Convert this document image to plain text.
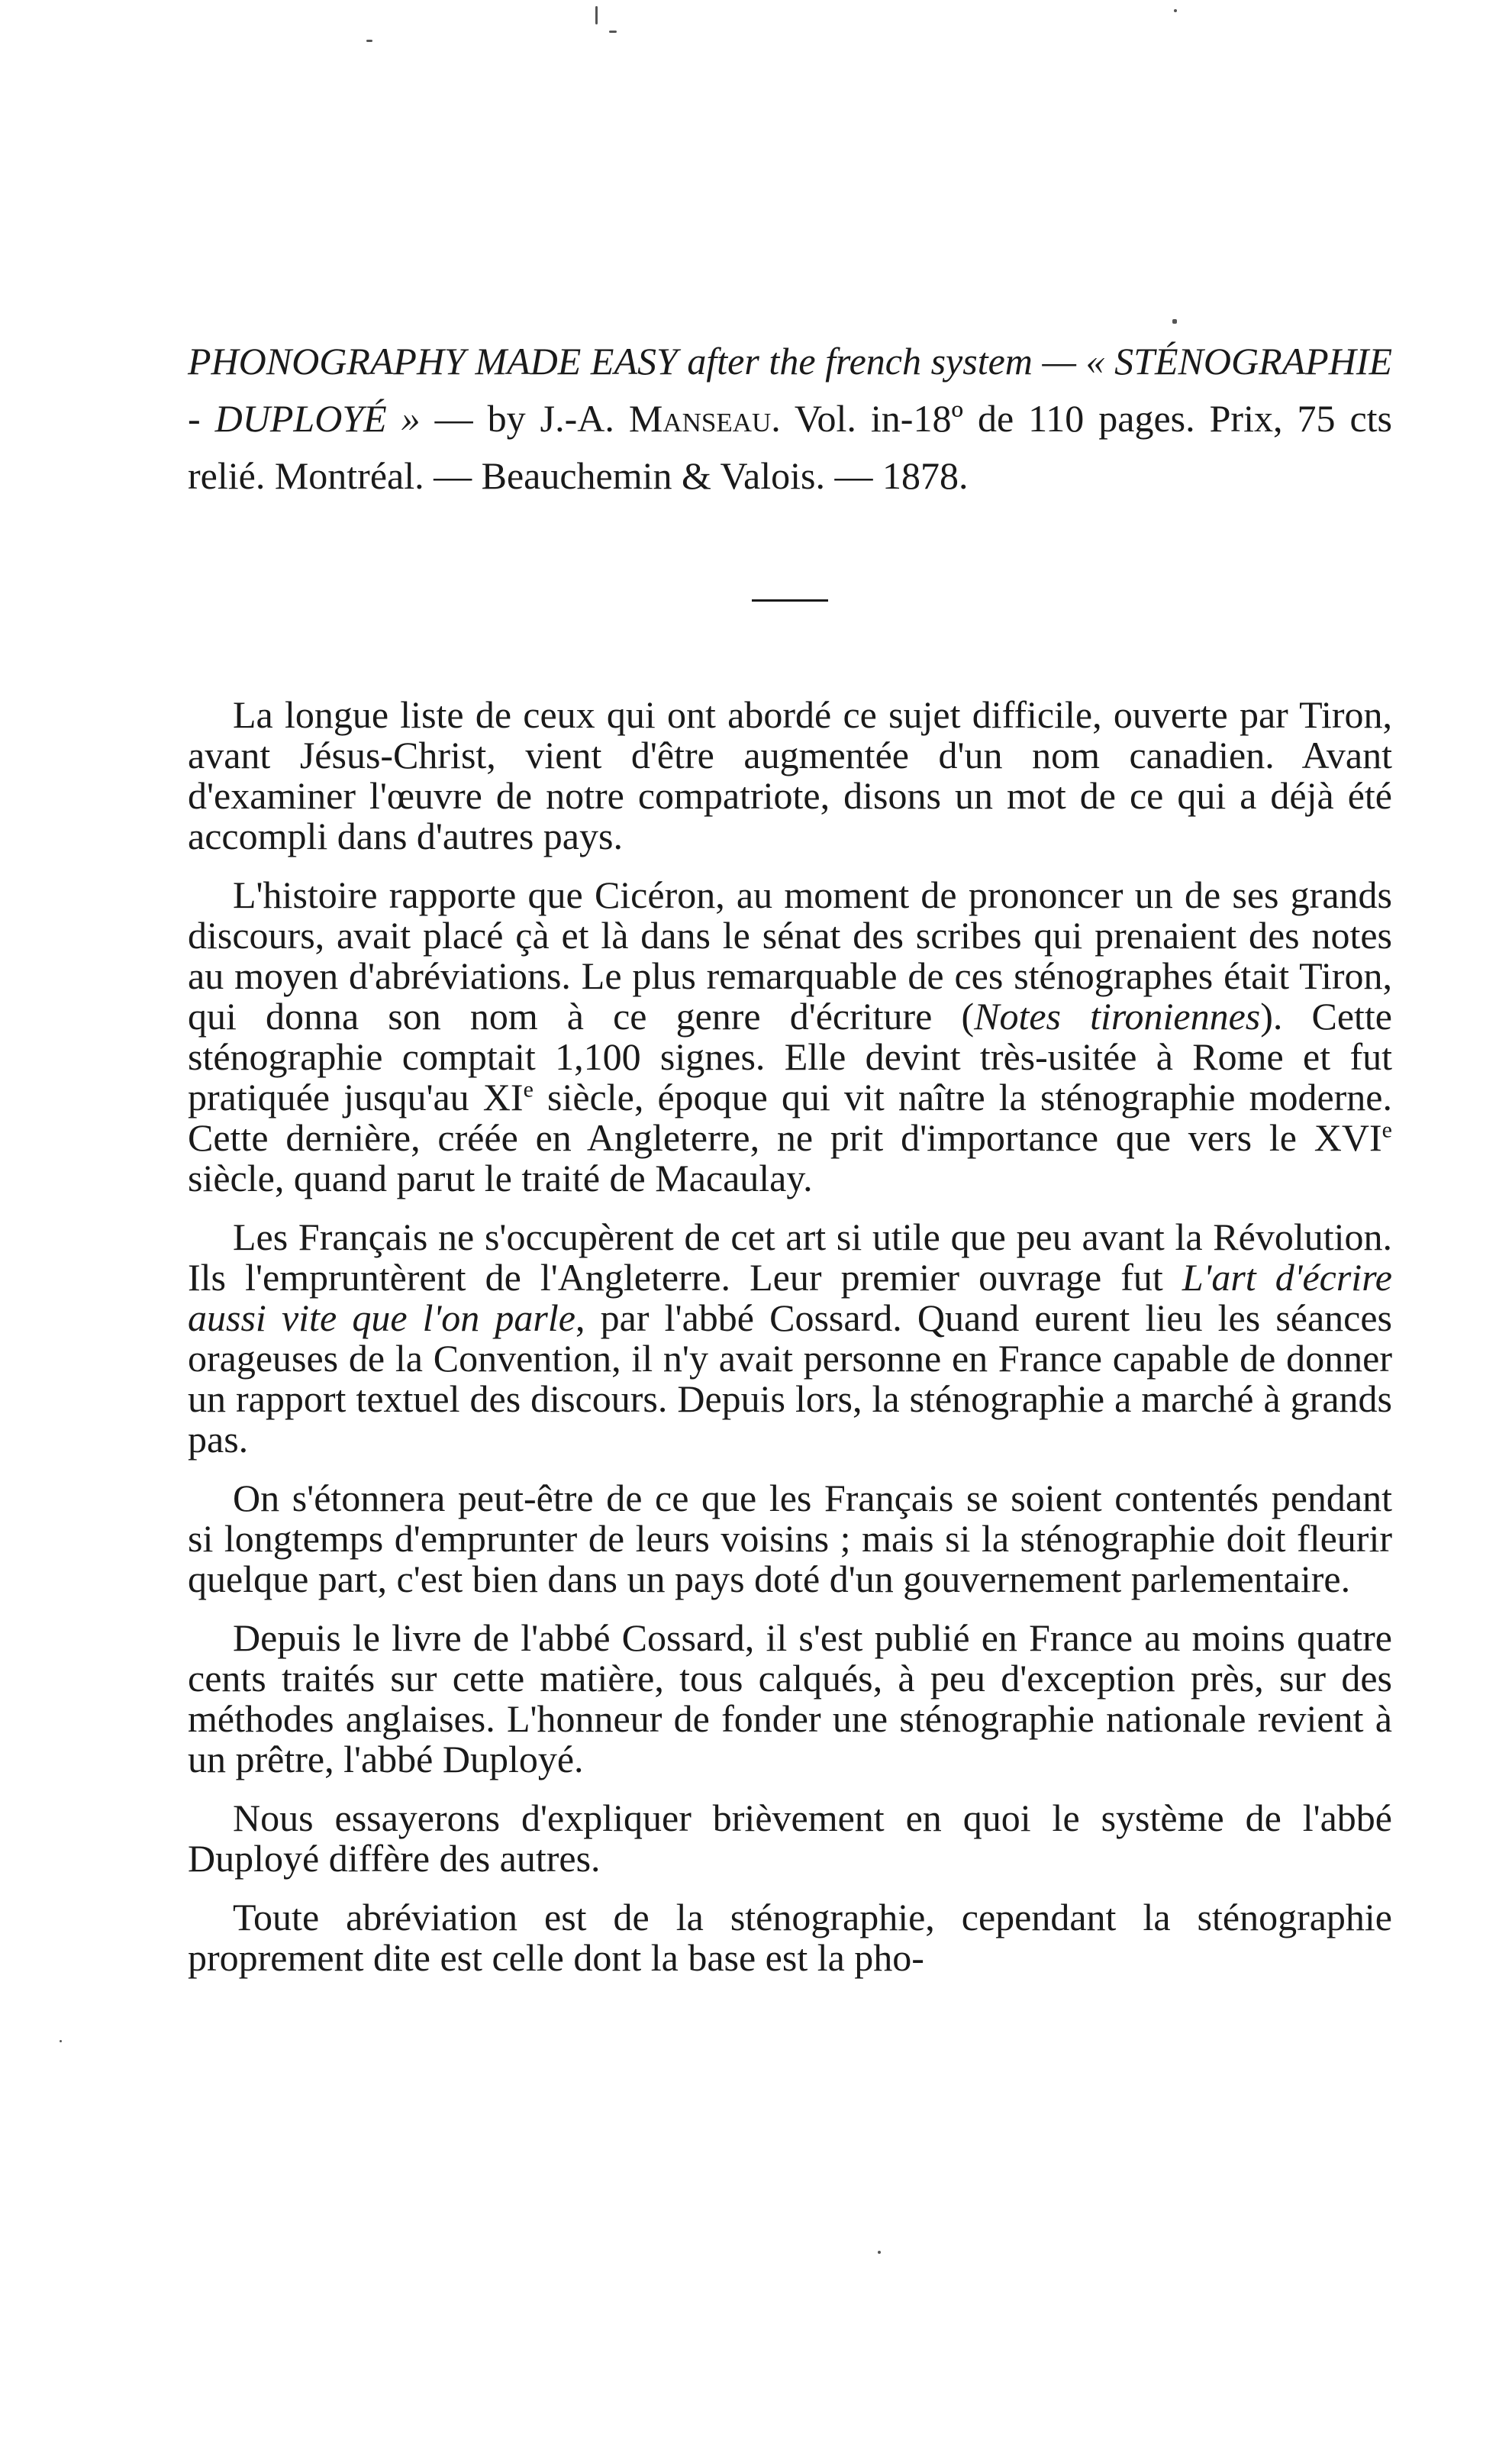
PHONOGRAPHY MADE EASY after the french system — « STÉNOGRAPHIE - DUPLOYÉ » — by J.-A. Manseau. Vol. in-18º de 110 pages. Prix, 75 cts relié. Montréal. — Beauchemin & Valois. — 1878.

La longue liste de ceux qui ont abordé ce sujet difficile, ouverte par Tiron, avant Jésus-Christ, vient d'être augmentée d'un nom canadien. Avant d'examiner l'œuvre de notre compatriote, disons un mot de ce qui a déjà été accompli dans d'autres pays.

L'histoire rapporte que Cicéron, au moment de prononcer un de ses grands discours, avait placé çà et là dans le sénat des scribes qui prenaient des notes au moyen d'abréviations. Le plus remarquable de ces sténographes était Tiron, qui donna son nom à ce genre d'écriture (Notes tironiennes). Cette sténographie comptait 1,100 signes. Elle devint très-usitée à Rome et fut pratiquée jusqu'au XIe siècle, époque qui vit naître la sténographie moderne. Cette dernière, créée en Angleterre, ne prit d'importance que vers le XVIe siècle, quand parut le traité de Macaulay.

Les Français ne s'occupèrent de cet art si utile que peu avant la Révolution. Ils l'empruntèrent de l'Angleterre. Leur premier ouvrage fut L'art d'écrire aussi vite que l'on parle, par l'abbé Cossard. Quand eurent lieu les séances orageuses de la Convention, il n'y avait personne en France capable de donner un rapport textuel des discours. Depuis lors, la sténographie a marché à grands pas.

On s'étonnera peut-être de ce que les Français se soient contentés pendant si longtemps d'emprunter de leurs voisins ; mais si la sténographie doit fleurir quelque part, c'est bien dans un pays doté d'un gouvernement parlementaire.

Depuis le livre de l'abbé Cossard, il s'est publié en France au moins quatre cents traités sur cette matière, tous calqués, à peu d'exception près, sur des méthodes anglaises. L'honneur de fonder une sténographie nationale revient à un prêtre, l'abbé Duployé.

Nous essayerons d'expliquer brièvement en quoi le système de l'abbé Duployé diffère des autres.

Toute abréviation est de la sténographie, cependant la sténographie proprement dite est celle dont la base est la pho-
